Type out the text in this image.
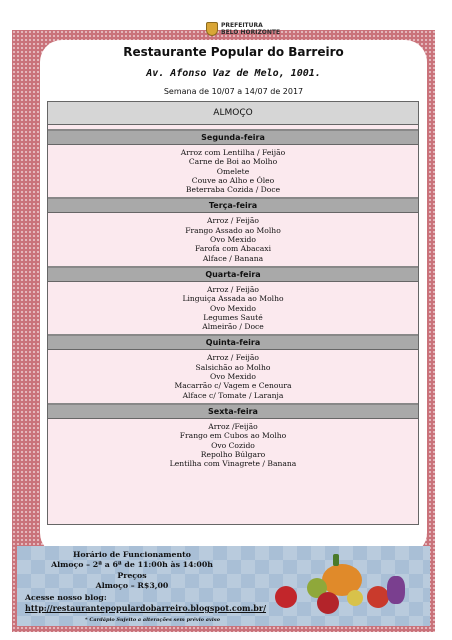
PREFEITURA
BELO HORIZONTE
Restaurante Popular do Barreiro
Av. Afonso Vaz de Melo, 1001.
Semana de 10/07 a 14/07 de 2017
ALMOÇO
Segunda-feira
Arroz com Lentilha / Feijão
Carne de Boi ao Molho
Omelete
Couve ao Alho e Óleo
Beterraba Cozida / Doce
Terça-feira
Arroz / Feijão
Frango Assado ao Molho
Ovo Mexido
Farofa com Abacaxi
Alface / Banana
Quarta-feira
Arroz / Feijão
Linguiça Assada ao Molho
Ovo Mexido
Legumes Sauté
Almeirão / Doce
Quinta-feira
Arroz / Feijão
Salsichão ao Molho
Ovo Mexido
Macarrão c/ Vagem e Cenoura
Alface c/ Tomate / Laranja
Sexta-feira
Arroz /Feijão
Frango em Cubos ao Molho
Ovo Cozido
Repolho Búlgaro
Lentilha com Vinagrete / Banana
Horário de Funcionamento
Almoço – 2ª a 6ª de 11:00h às 14:00h
Preços
Almoço – R$3,00
Acesse nosso blog:
http://restaurantepopulardobarreiro.blogspot.com.br/
* Cardápio Sujeito a alterações sem prévio aviso
